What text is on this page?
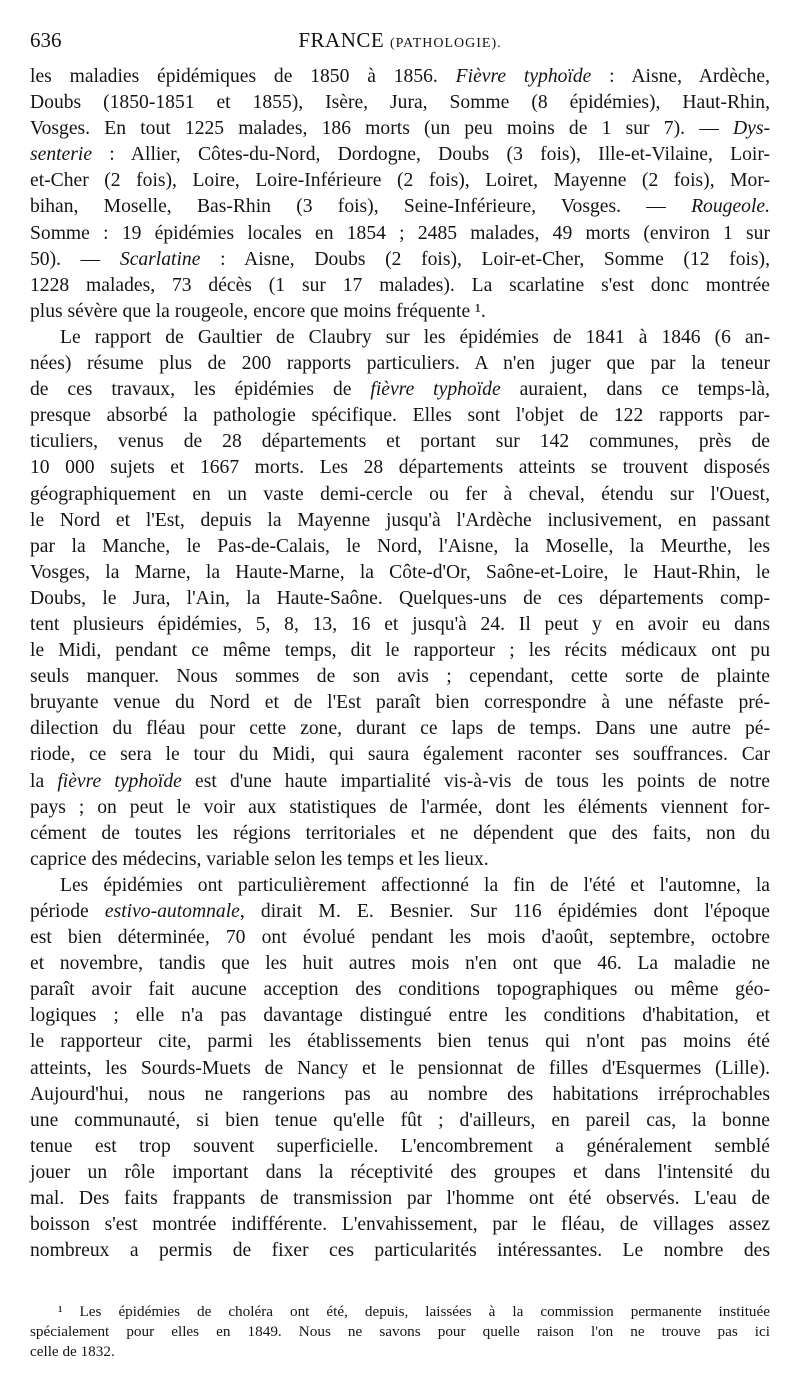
636	FRANCE (PATHOLOGIE).
les maladies épidémiques de 1850 à 1856. Fièvre typhoïde : Aisne, Ardèche,
Doubs (1850-1851 et 1855), Isère, Jura, Somme (8 épidémies), Haut-Rhin,
Vosges. En tout 1225 malades, 186 morts (un peu moins de 1 sur 7). — Dys-
senterie : Allier, Côtes-du-Nord, Dordogne, Doubs (3 fois), Ille-et-Vilaine, Loir-
et-Cher (2 fois), Loire, Loire-Inférieure (2 fois), Loiret, Mayenne (2 fois), Mor-
bihan, Moselle, Bas-Rhin (3 fois), Seine-Inférieure, Vosges. — Rougeole.
Somme : 19 épidémies locales en 1854 ; 2485 malades, 49 morts (environ 1 sur
50). — Scarlatine : Aisne, Doubs (2 fois), Loir-et-Cher, Somme (12 fois),
1228 malades, 73 décès (1 sur 17 malades). La scarlatine s'est donc montrée
plus sévère que la rougeole, encore que moins fréquente ¹.
Le rapport de Gaultier de Claubry sur les épidémies de 1841 à 1846 (6 an-
nées) résume plus de 200 rapports particuliers. A n'en juger que par la teneur
de ces travaux, les épidémies de fièvre typhoïde auraient, dans ce temps-là,
presque absorbé la pathologie spécifique. Elles sont l'objet de 122 rapports par-
ticuliers, venus de 28 départements et portant sur 142 communes, près de
10 000 sujets et 1667 morts. Les 28 départements atteints se trouvent disposés
géographiquement en un vaste demi-cercle ou fer à cheval, étendu sur l'Ouest,
le Nord et l'Est, depuis la Mayenne jusqu'à l'Ardèche inclusivement, en passant
par la Manche, le Pas-de-Calais, le Nord, l'Aisne, la Moselle, la Meurthe, les
Vosges, la Marne, la Haute-Marne, la Côte-d'Or, Saône-et-Loire, le Haut-Rhin, le
Doubs, le Jura, l'Ain, la Haute-Saône. Quelques-uns de ces départements comp-
tent plusieurs épidémies, 5, 8, 13, 16 et jusqu'à 24. Il peut y en avoir eu dans
le Midi, pendant ce même temps, dit le rapporteur ; les récits médicaux ont pu
seuls manquer. Nous sommes de son avis ; cependant, cette sorte de plainte
bruyante venue du Nord et de l'Est paraît bien correspondre à une néfaste pré-
dilection du fléau pour cette zone, durant ce laps de temps. Dans une autre pé-
riode, ce sera le tour du Midi, qui saura également raconter ses souffrances. Car
la fièvre typhoïde est d'une haute impartialité vis-à-vis de tous les points de notre
pays ; on peut le voir aux statistiques de l'armée, dont les éléments viennent for-
cément de toutes les régions territoriales et ne dépendent que des faits, non du
caprice des médecins, variable selon les temps et les lieux.
Les épidémies ont particulièrement affectionné la fin de l'été et l'automne, la
période estivo-automnale, dirait M. E. Besnier. Sur 116 épidémies dont l'époque
est bien déterminée, 70 ont évolué pendant les mois d'août, septembre, octobre
et novembre, tandis que les huit autres mois n'en ont que 46. La maladie ne
paraît avoir fait aucune acception des conditions topographiques ou même géo-
logiques ; elle n'a pas davantage distingué entre les conditions d'habitation, et
le rapporteur cite, parmi les établissements bien tenus qui n'ont pas moins été
atteints, les Sourds-Muets de Nancy et le pensionnat de filles d'Esquermes (Lille).
Aujourd'hui, nous ne rangerions pas au nombre des habitations irréprochables
une communauté, si bien tenue qu'elle fût ; d'ailleurs, en pareil cas, la bonne
tenue est trop souvent superficielle. L'encombrement a généralement semblé
jouer un rôle important dans la réceptivité des groupes et dans l'intensité du
mal. Des faits frappants de transmission par l'homme ont été observés. L'eau de
boisson s'est montrée indifférente. L'envahissement, par le fléau, de villages assez
nombreux a permis de fixer ces particularités intéressantes. Le nombre des
¹ Les épidémies de choléra ont été, depuis, laissées à la commission permanente instituée
spécialement pour elles en 1849. Nous ne savons pour quelle raison l'on ne trouve pas ici
celle de 1832.
